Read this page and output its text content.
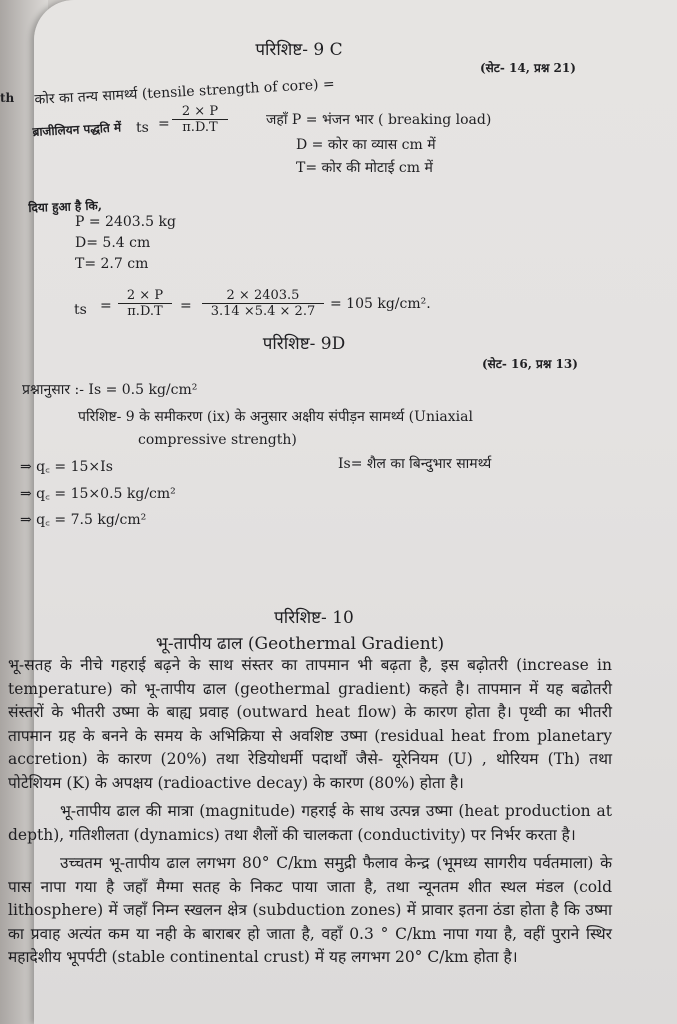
th
परिशिष्ट- 9 C
(सेट- 14, प्रश्न 21)
कोर का तन्य सामर्थ्य (tensile strength of core) =
ब्राजीलियन पद्धति में ts = $\frac{2 \times P}{\pi.D.T}$	जहाँ P = भंजन भार ( breaking load)
D = कोर का व्यास cm में
T= कोर की मोटाई cm में
दिया हुआ है कि,
P = 2403.5 kg
D= 5.4 cm
T= 2.7 cm
ts = $\frac{2 \times P}{\pi.D.T} = \frac{2 \times 2403.5}{3.14 \times 5.4 \times 2.7} = 105$ kg/cm².
परिशिष्ट- 9D
(सेट- 16, प्रश्न 13)
प्रश्नानुसार :- Is = 0.5 kg/cm²
परिशिष्ट- 9 के समीकरण (ix) के अनुसार अक्षीय संपीड़न सामर्थ्य (Uniaxial
compressive strength)
⇒ q꜀ = 15×Is	Is= शैल का बिन्दुभार सामर्थ्य
⇒ q꜀ = 15×0.5 kg/cm²
⇒ q꜀ = 7.5 kg/cm²
परिशिष्ट- 10
भू-तापीय ढाल (Geothermal Gradient)
भू-सतह के नीचे गहराई बढ़ने के साथ संस्तर का तापमान भी बढ़ता है, इस बढ़ोतरी (increase in temperature) को भू-तापीय ढाल (geothermal gradient) कहते है। तापमान में यह बढोतरी संस्तरों के भीतरी उष्मा के बाह्य प्रवाह (outward heat flow) के कारण होता है। पृथ्वी का भीतरी तापमान ग्रह के बनने के समय के अभिक्रिया से अवशिष्ट उष्मा (residual heat from planetary accretion) के कारण (20%) तथा रेडियोधर्मी पदार्थों जैसे- यूरेनियम (U) , थोरियम (Th) तथा पोटेशियम (K) के अपक्षय (radioactive decay) के कारण (80%) होता है।
भू-तापीय ढाल की मात्रा (magnitude) गहराई के साथ उत्पन्न उष्मा (heat production at depth), गतिशीलता (dynamics) तथा शैलों की चालकता (conductivity) पर निर्भर करता है।
उच्चतम भू-तापीय ढाल लगभग 80° C/km समुद्री फैलाव केन्द्र (भूमध्य सागरीय पर्वतमाला) के पास नापा गया है जहाँ मैग्मा सतह के निकट पाया जाता है, तथा न्यूनतम शीत स्थल मंडल (cold lithosphere) में जहाँ निम्न स्खलन क्षेत्र (subduction zones) में प्रावार इतना ठंडा होता है कि उष्मा का प्रवाह अत्यंत कम या नही के बाराबर हो जाता है, वहाँ 0.3 ° C/km नापा गया है, वहीं पुराने स्थिर महादेशीय भूपर्पटी (stable continental crust) में यह लगभग 20° C/km होता है।
